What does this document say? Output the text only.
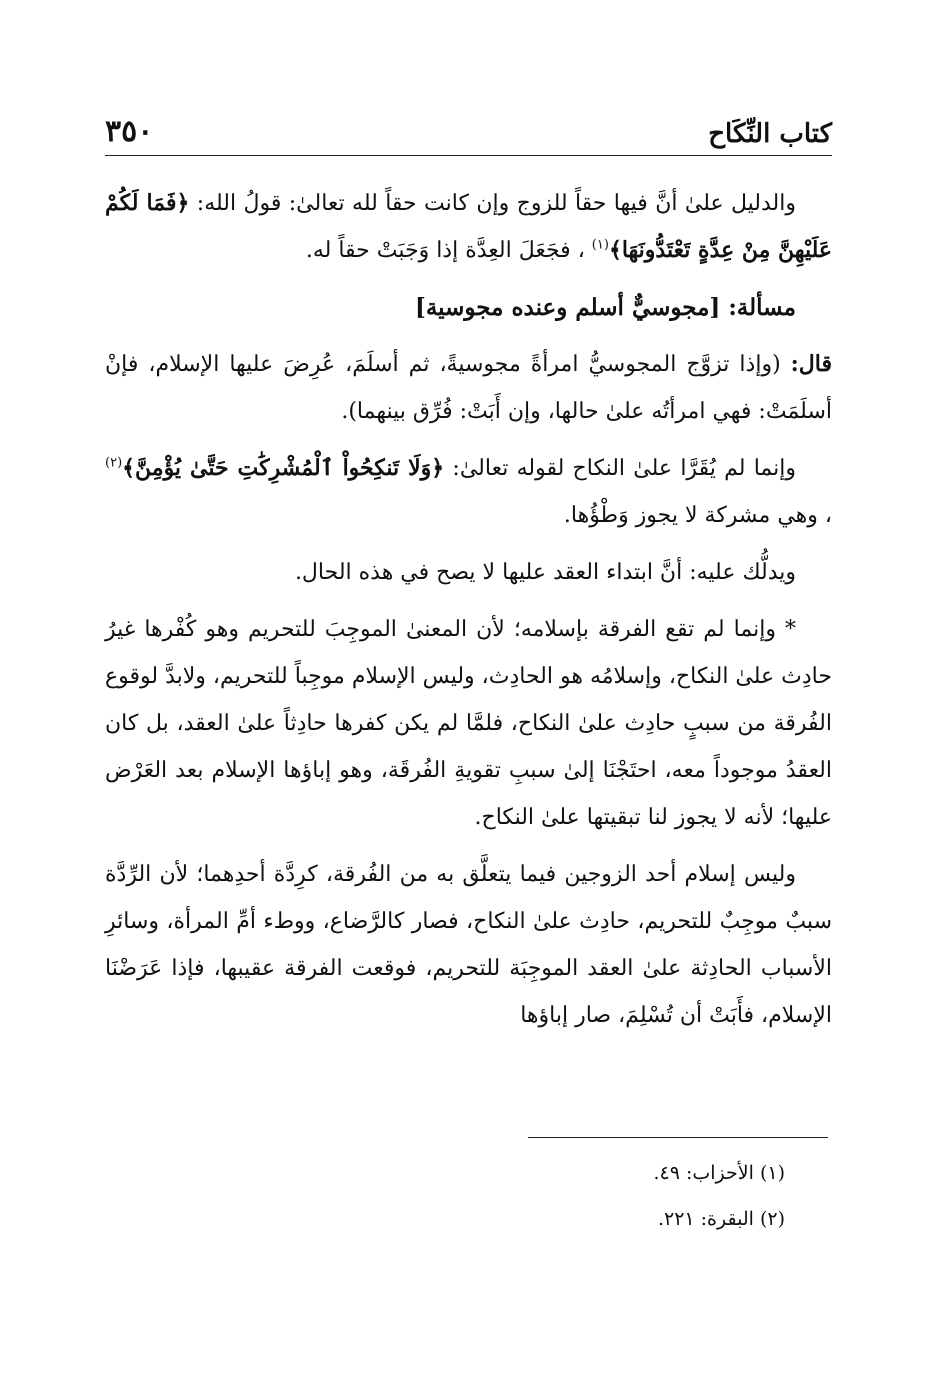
كتاب النِّكَاح
٣٥٠

والدليل علىٰ أنَّ فيها حقاً للزوج وإن كانت حقاً لله تعالىٰ: قولُ الله: ﴿فَمَا لَكُمْ عَلَيْهِنَّ مِنْ عِدَّةٍ تَعْتَدُّونَهَا﴾$^{(١)}$ ، فجَعَلَ العِدَّة إذا وَجَبَتْ حقاً له.

مسألة: [مجوسيٌّ أسلم وعنده مجوسية]

قال: (وإذا تزوَّج المجوسيُّ امرأةً مجوسيةً، ثم أسلَمَ، عُرِضَ عليها الإسلام، فإنْ أسلَمَتْ: فهي امرأتُه علىٰ حالها، وإن أَبَتْ: فُرِّق بينهما).

وإنما لم يُقَرَّا علىٰ النكاح لقوله تعالىٰ: ﴿وَلَا تَنكِحُواْ ٱلْمُشْرِكَٰتِ حَتَّىٰ يُؤْمِنَّ﴾$^{(٢)}$ ، وهي مشركة لا يجوز وَطْؤُها.

ويدلُّك عليه: أنَّ ابتداء العقد عليها لا يصح في هذه الحال.

* وإنما لم تقع الفرقة بإسلامه؛ لأن المعنىٰ الموجِبَ للتحريم وهو كُفْرها غيرُ حادِث علىٰ النكاح، وإسلامُه هو الحادِث، وليس الإسلام موجِباً للتحريم، ولابدَّ لوقوع الفُرقة من سببٍ حادِث علىٰ النكاح، فلمَّا لم يكن كفرها حادِثاً علىٰ العقد، بل كان العقدُ موجوداً معه، احتَجْنَا إلىٰ سببِ تقويةِ الفُرقَة، وهو إباؤها الإسلام بعد العَرْض عليها؛ لأنه لا يجوز لنا تبقيتها علىٰ النكاح.

وليس إسلام أحد الزوجين فيما يتعلَّق به من الفُرقة، كرِدَّة أحدِهما؛ لأن الرِّدَّة سببٌ موجِبٌ للتحريم، حادِث علىٰ النكاح، فصار كالرَّضاع، ووطء أمِّ المرأة، وسائرِ الأسباب الحادِثة علىٰ العقد الموجِبَة للتحريم، فوقعت الفرقة عقيبها، فإذا عَرَضْنَا الإسلام، فأَبَتْ أن تُسْلِمَ، صار إباؤها

(١) الأحزاب: ٤٩.
(٢) البقرة: ٢٢١.
